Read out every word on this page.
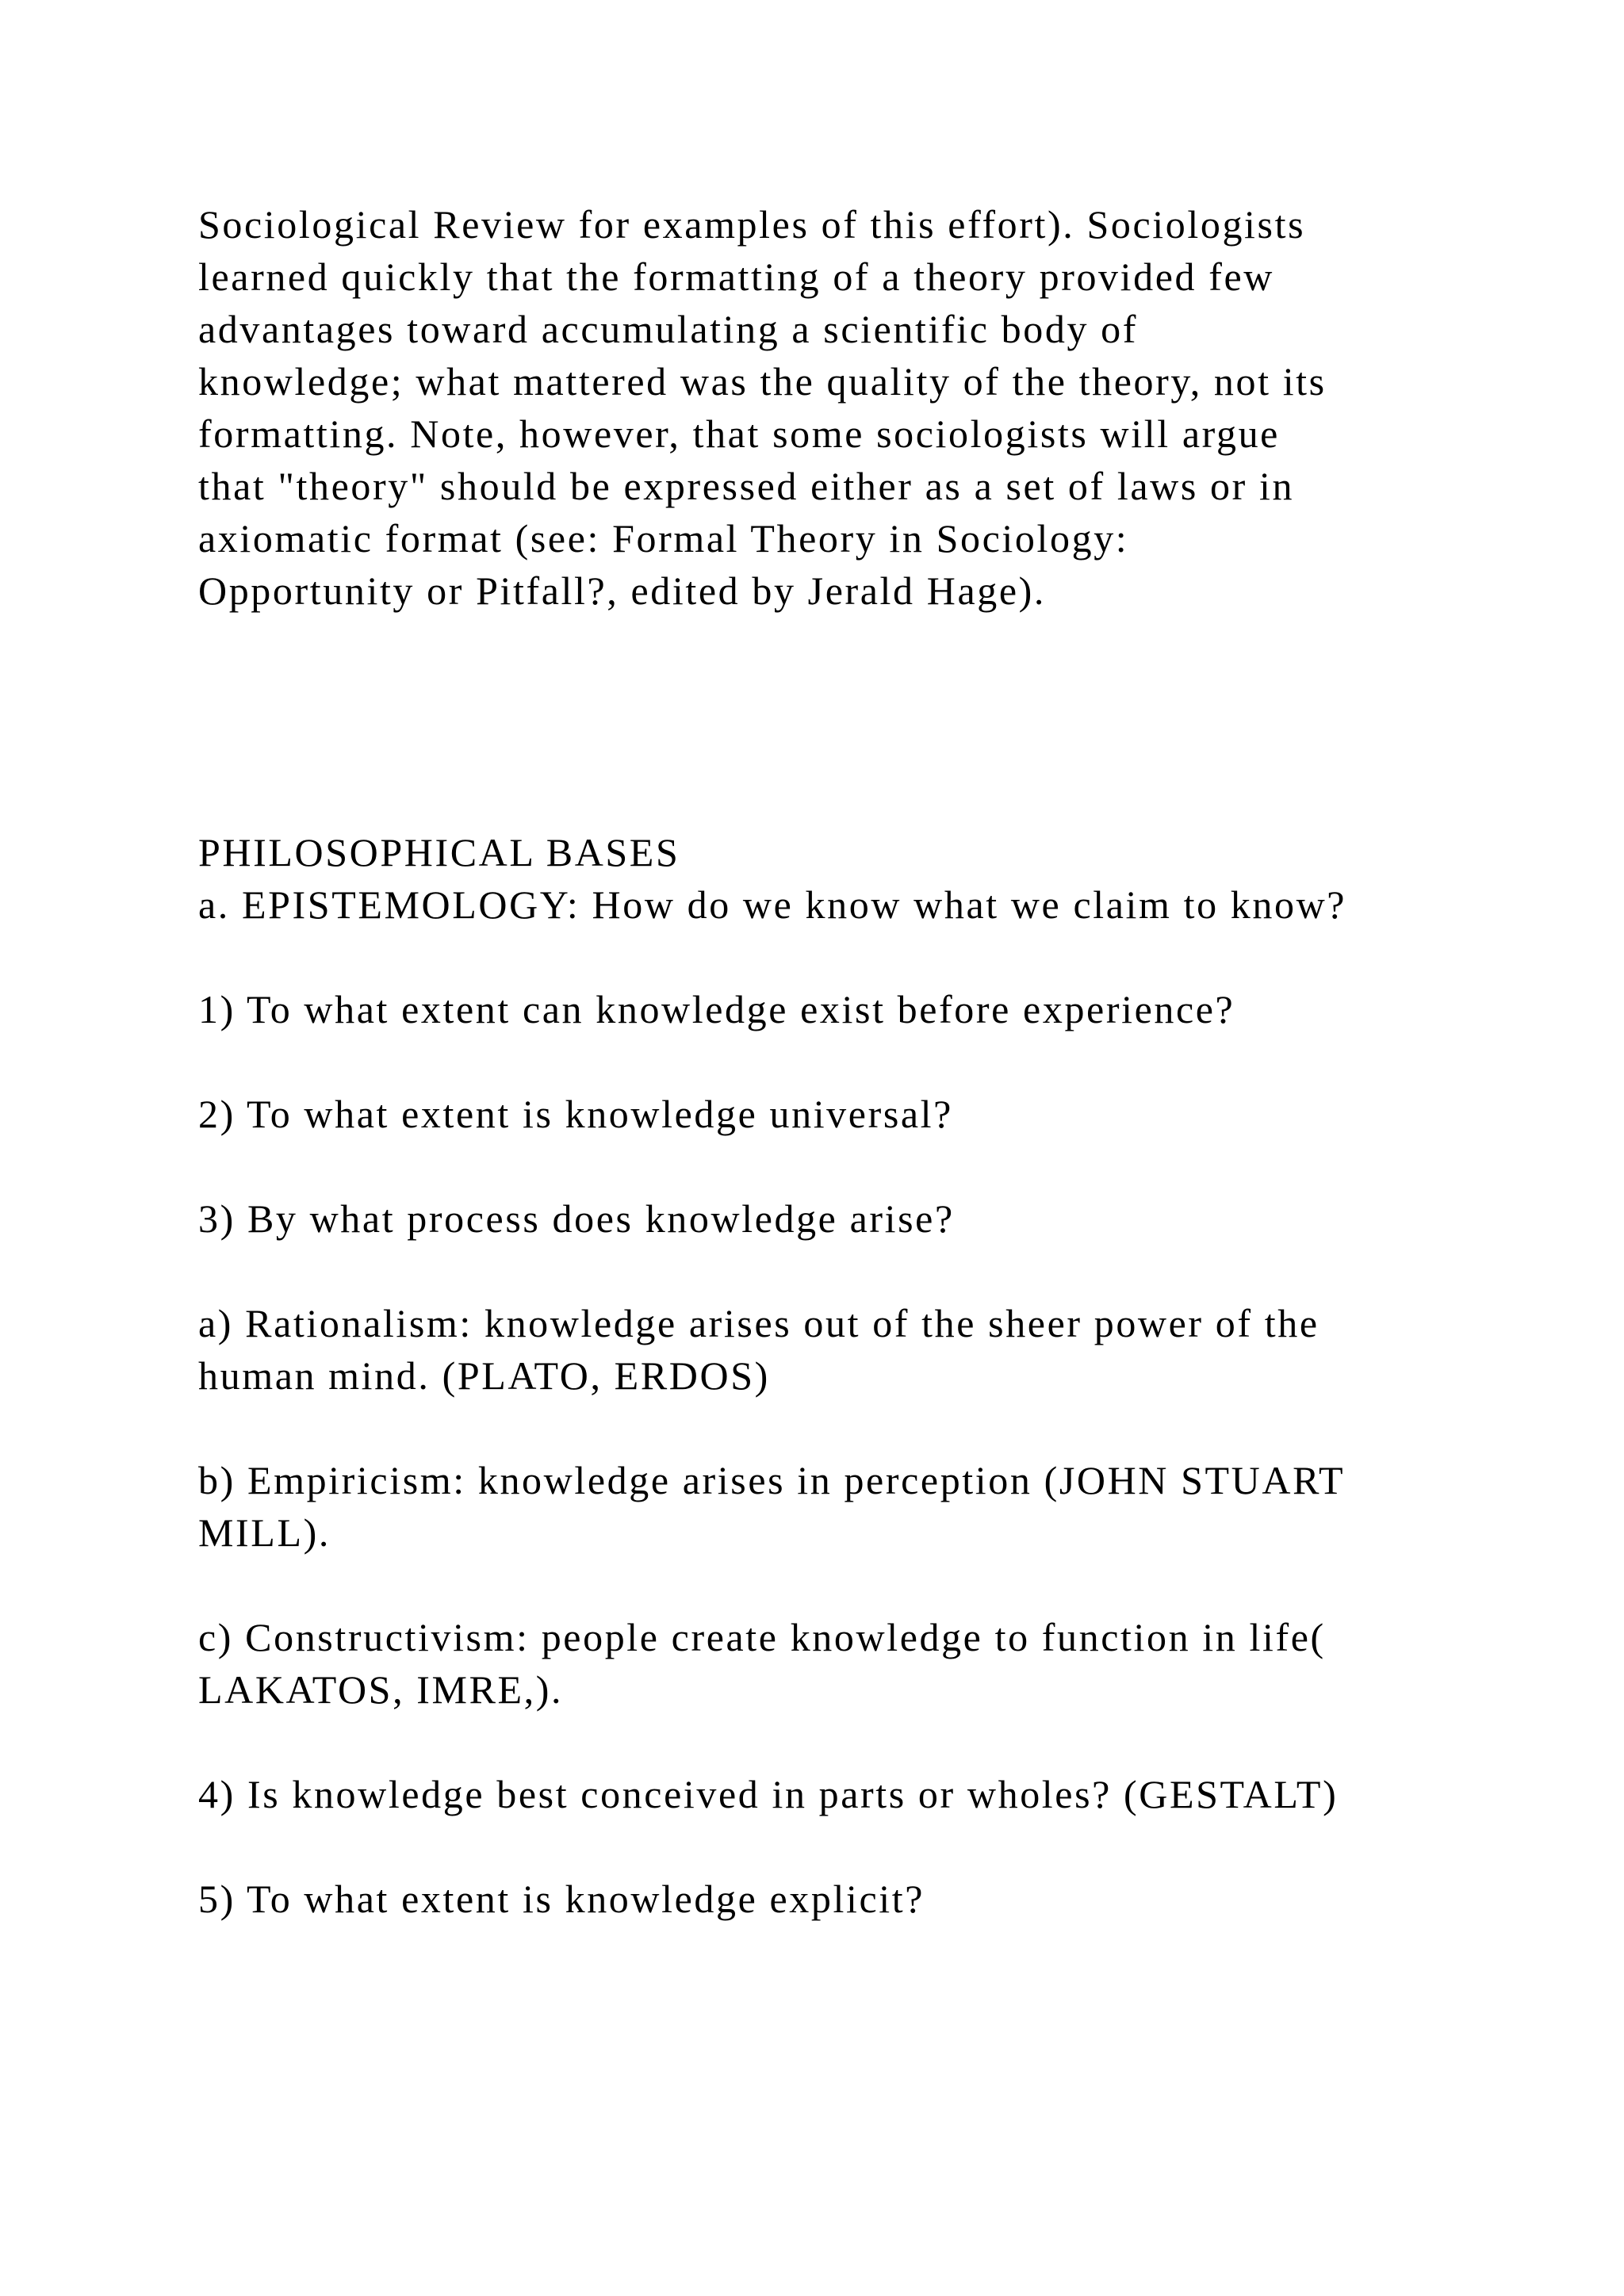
Sociological Review for examples of this effort). Sociologists

learned quickly that the formatting of a theory provided few

advantages toward accumulating a scientific body of

knowledge; what mattered was the quality of the theory, not its

formatting. Note, however, that some sociologists will argue

that "theory" should be expressed either as a set of laws or in

axiomatic format (see: Formal Theory in Sociology:

Opportunity or Pitfall?, edited by Jerald Hage).

PHILOSOPHICAL BASES

a. EPISTEMOLOGY: How do we know what we claim to know?

1) To what extent can knowledge exist before experience?

2) To what extent is knowledge universal?

3) By what process does knowledge arise?

a) Rationalism: knowledge arises out of the sheer power of the

human mind. (PLATO, ERDOS)

b) Empiricism: knowledge arises in perception (JOHN STUART

MILL).

c) Constructivism: people create knowledge to function in life(

LAKATOS, IMRE,).

4) Is knowledge best conceived in parts or wholes? (GESTALT)

5) To what extent is knowledge explicit?
